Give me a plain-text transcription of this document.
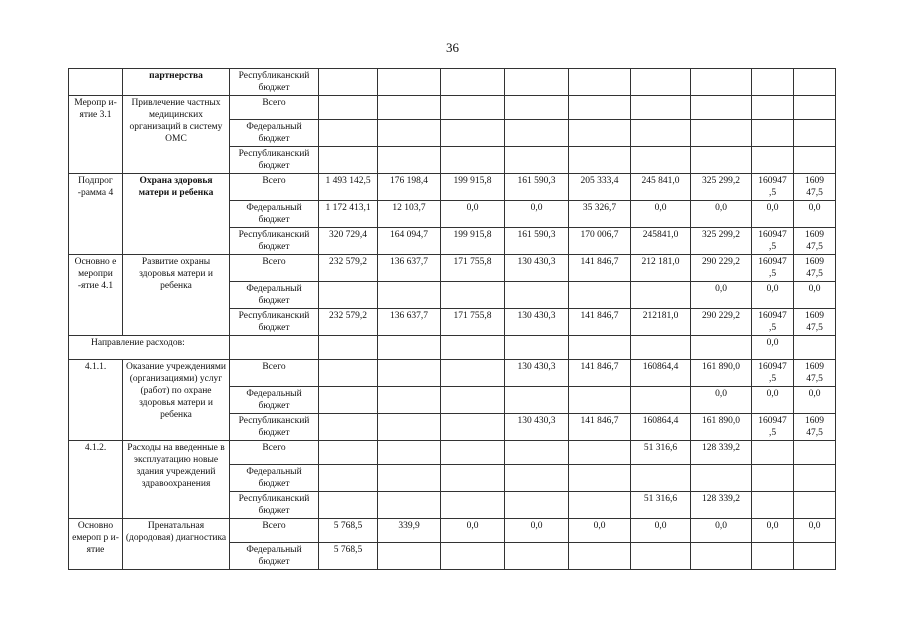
36
	партнерства	Республиканский бюджет									
Меропр и-ятие 3.1	Привлечение частных медицинских организаций в систему ОМС	Всего									
		Федеральный бюджет									
		Республиканский бюджет									
Подпрог -рамма 4	Охрана здоровья матери и ребенка	Всего	1 493 142,5	176 198,4	199 915,8	161 590,3	205 333,4	245 841,0	325 299,2	160947 ,5	1609 47,5
		Федеральный бюджет	1 172 413,1	12 103,7	0,0	0,0	35 326,7	0,0	0,0	0,0	0,0
		Республиканский бюджет	320 729,4	164 094,7	199 915,8	161 590,3	170 006,7	245841,0	325 299,2	160947 ,5	1609 47,5
Основно е меропри -ятие 4.1	Развитие охраны здоровья матери и ребенка	Всего	232 579,2	136 637,7	171 755,8	130 430,3	141 846,7	212 181,0	290 229,2	160947 ,5	1609 47,5
		Федеральный бюджет							0,0	0,0	0,0
		Республиканский бюджет	232 579,2	136 637,7	171 755,8	130 430,3	141 846,7	212181,0	290 229,2	160947 ,5	1609 47,5
Направление расходов:										0,0	
4.1.1.	Оказание учреждениями (организациями) услуг (работ) по охране здоровья матери и ребенка	Всего				130 430,3	141 846,7	160864,4	161 890,0	160947 ,5	1609 47,5
		Федеральный бюджет							0,0	0,0	0,0
		Республиканский бюджет				130 430,3	141 846,7	160864,4	161 890,0	160947 ,5	1609 47,5
4.1.2.	Расходы на введенные в эксплуатацию новые здания учреждений здравоохранения	Всего						51 316,6	128 339,2		
		Федеральный бюджет									
		Республиканский бюджет						51 316,6	128 339,2		
Основно емероп р и-ятие	Пренатальная (дородовая) диагностика	Всего	5 768,5	339,9	0,0	0,0	0,0	0,0	0,0	0,0	0,0
		Федеральный бюджет	5 768,5								
